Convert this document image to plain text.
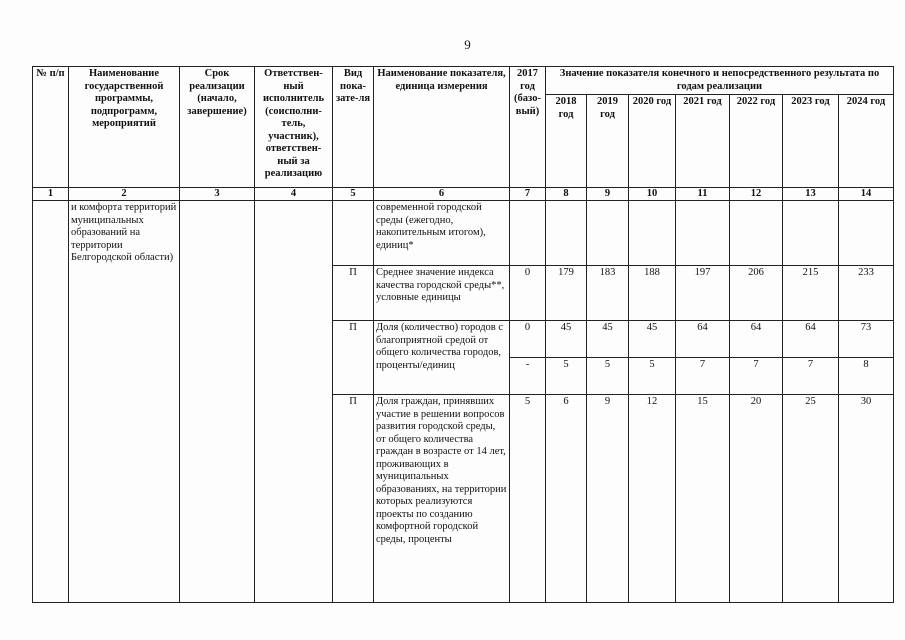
9
№ п/п	Наименование государственной программы, подпрограмм, мероприятий	Срок реализации (начало, завершение)	Ответствен-ный исполнитель (соисполни-тель, участник), ответствен-ный за реализацию	Вид пока-зате-ля	Наименование показателя, единица измерения	2017 год (базо-вый)	Значение показателя конечного и непосредственного результата по годам реализации						
							2018 год	2019 год	2020 год	2021 год	2022 год	2023 год	2024 год
1	2	3	4	5	6	7	8	9	10	11	12	13	14
	и комфорта территорий муниципальных образований на территории Белгородской области)				современной городской среды (ежегодно, накопительным итогом), единиц*								
				П	Среднее значение индекса качества городской среды**, условные единицы	0	179	183	188	197	206	215	233
				П	Доля (количество) городов с благоприятной средой от общего количества городов, проценты/единиц	0	45	45	45	64	64	64	73
						-	5	5	5	7	7	7	8
				П	Доля граждан, принявших участие в решении вопросов развития городской среды, от общего количества граждан в возрасте от 14 лет, проживающих в муниципальных образованиях, на территории которых реализуются проекты по созданию комфортной городской среды, проценты	5	6	9	12	15	20	25	30
